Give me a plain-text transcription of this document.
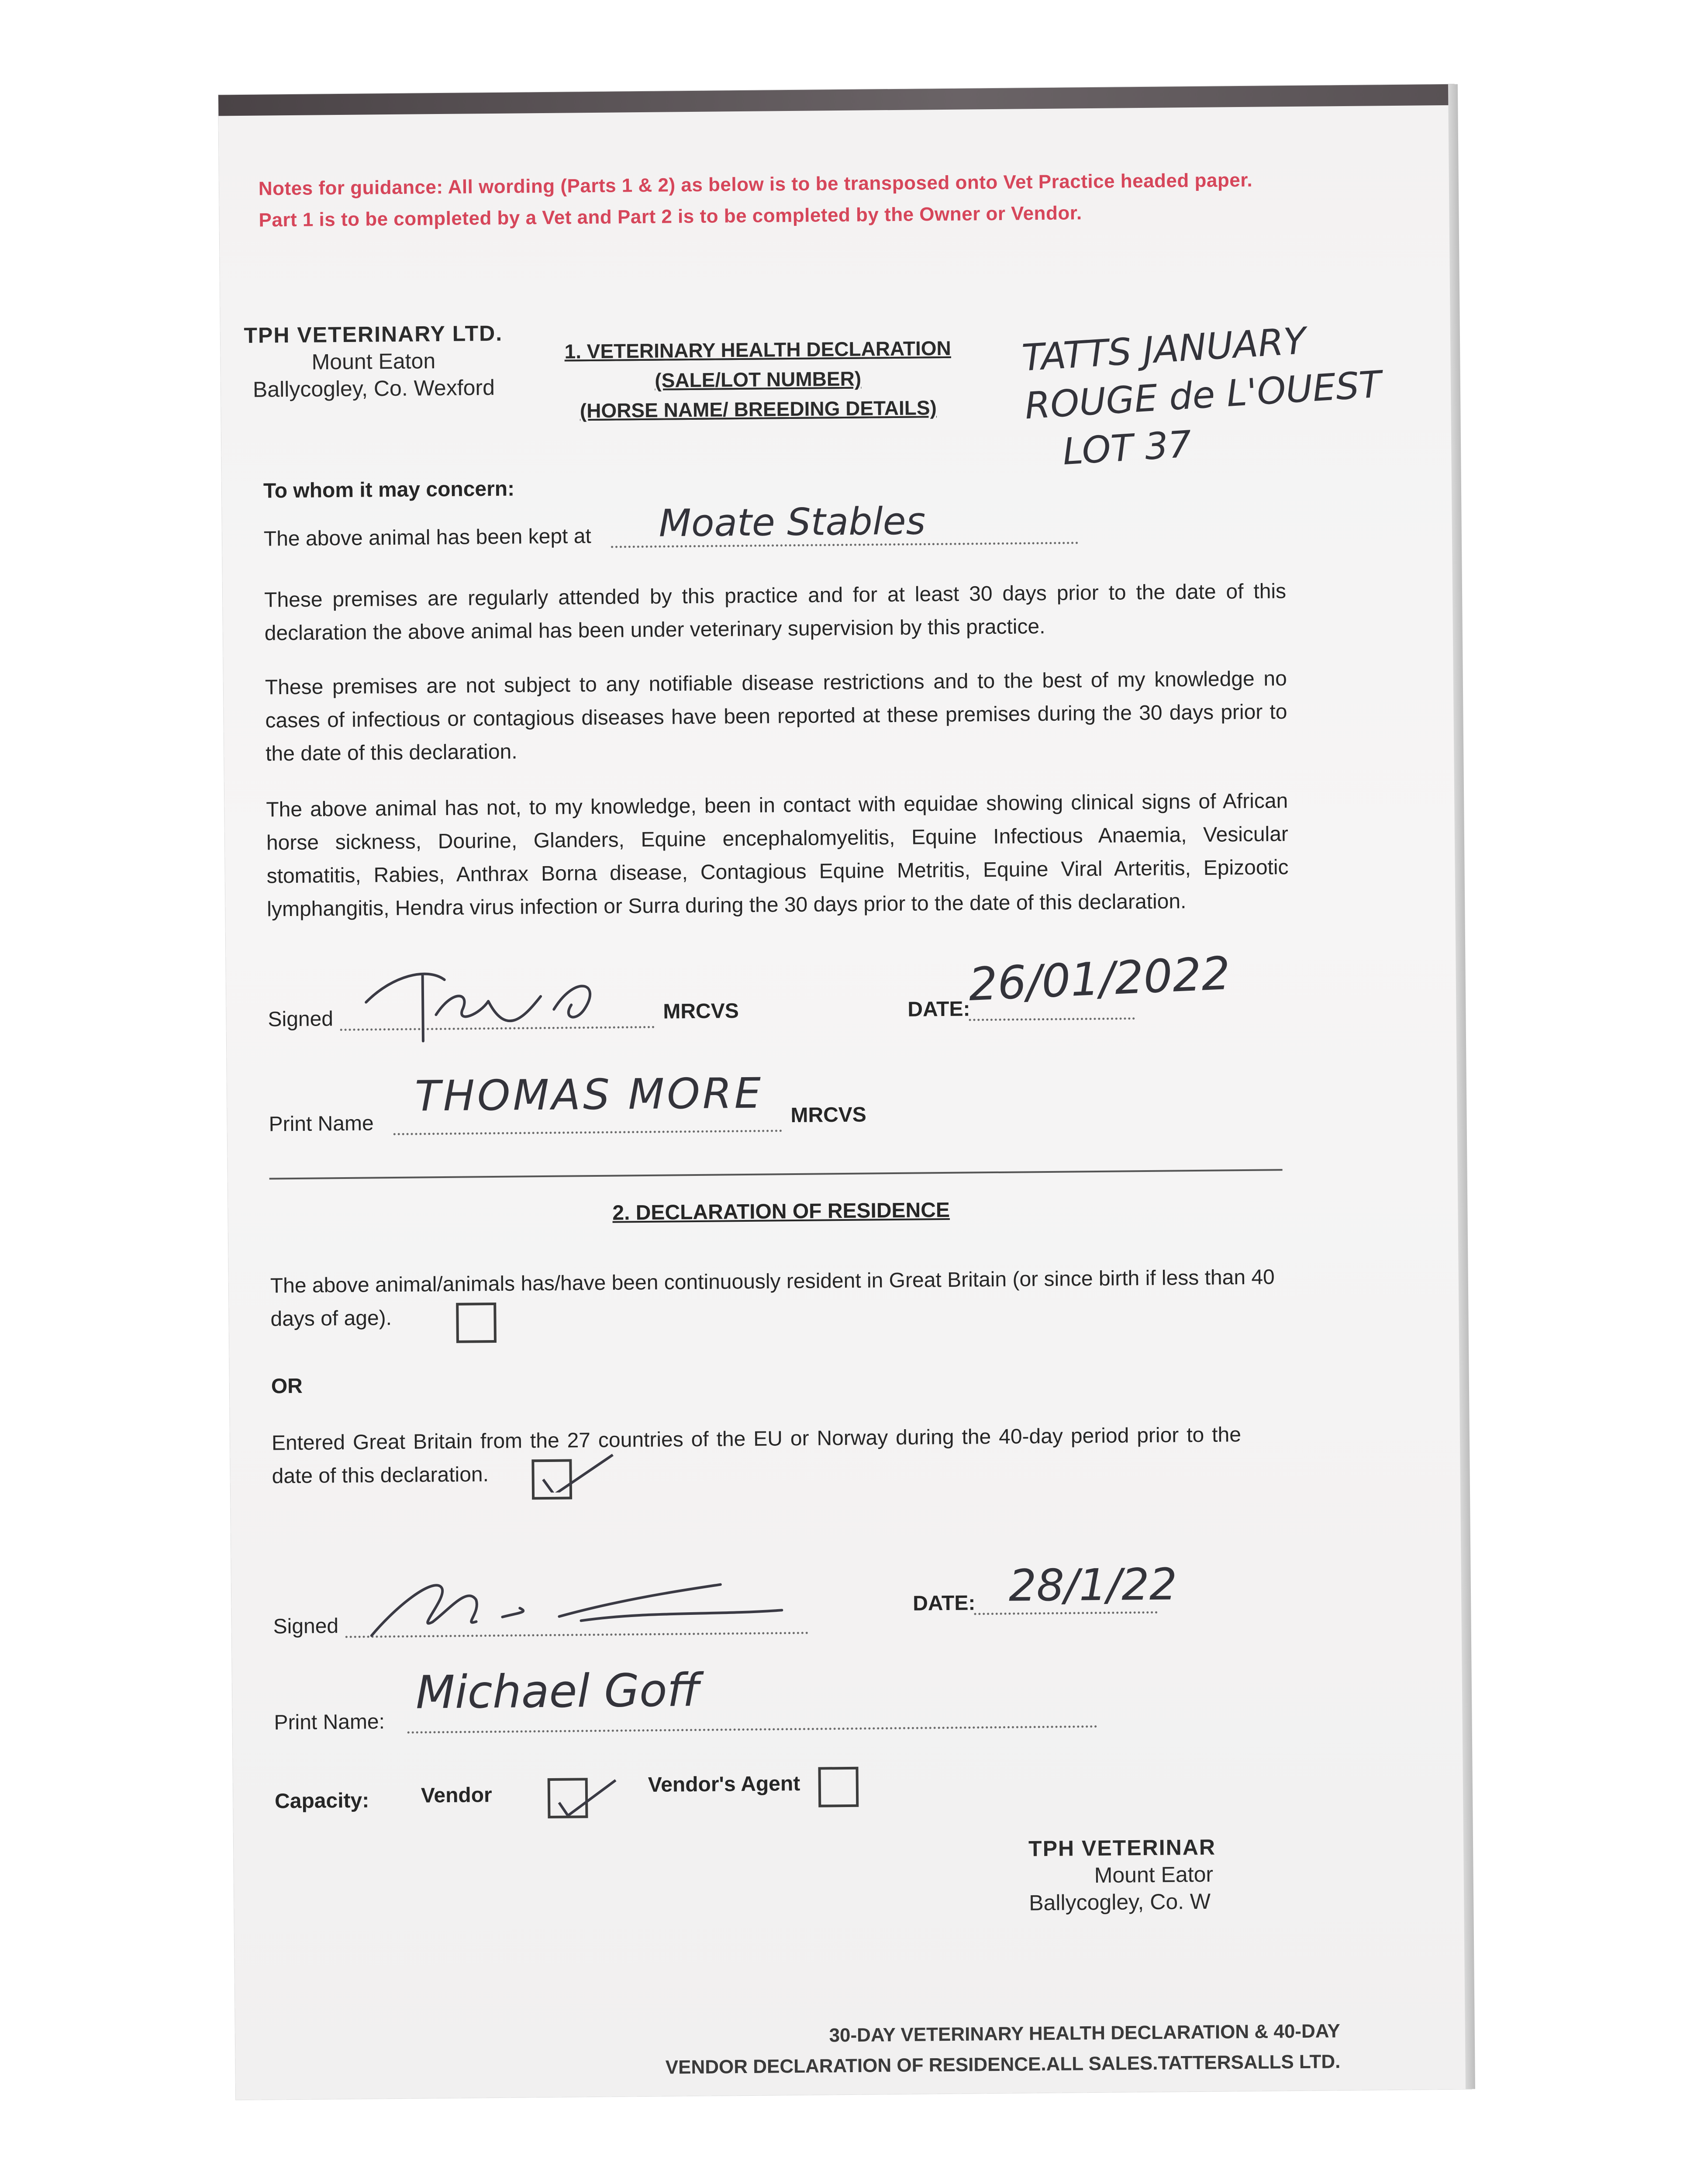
Notes for guidance: All wording (Parts 1 & 2) as below is to be transposed onto Vet Practice headed paper. Part 1 is to be completed by a Vet and Part 2 is to be completed by the Owner or Vendor.
TPH VETERINARY LTD.
Mount Eaton
Ballycogley, Co. Wexford
1. VETERINARY HEALTH DECLARATION
(SALE/LOT NUMBER)
(HORSE NAME/ BREEDING DETAILS)
TATTS JANUARY
ROUGE de L'OUEST
LOT 37
To whom it may concern:
The above animal has been kept at Moate Stables
These premises are regularly attended by this practice and for at least 30 days prior to the date of this declaration the above animal has been under veterinary supervision by this practice.
These premises are not subject to any notifiable disease restrictions and to the best of my knowledge no cases of infectious or contagious diseases have been reported at these premises during the 30 days prior to the date of this declaration.
The above animal has not, to my knowledge, been in contact with equidae showing clinical signs of African horse sickness, Dourine, Glanders, Equine encephalomyelitis, Equine Infectious Anaemia, Vesicular stomatitis, Rabies, Anthrax Borna disease, Contagious Equine Metritis, Equine Viral Arteritis, Epizootic lymphangitis, Hendra virus infection or Surra during the 30 days prior to the date of this declaration.
Signed	MRCVS	DATE:
26/01/2022
Print Name
THOMAS MORE MRCVS
2. DECLARATION OF RESIDENCE
The above animal/animals has/have been continuously resident in Great Britain (or since birth if less than 40 days of age).
OR
Entered Great Britain from the 27 countries of the EU or Norway during the 40-day period prior to the date of this declaration.
Signed
DATE: 28/1/22
Print Name:
Michael Goff
Capacity: Vendor	Vendor's Agent
TPH VETERINAR
Mount Eator
Ballycogley, Co. W
30-DAY VETERINARY HEALTH DECLARATION & 40-DAY
VENDOR DECLARATION OF RESIDENCE.ALL SALES.TATTERSALLS LTD.
